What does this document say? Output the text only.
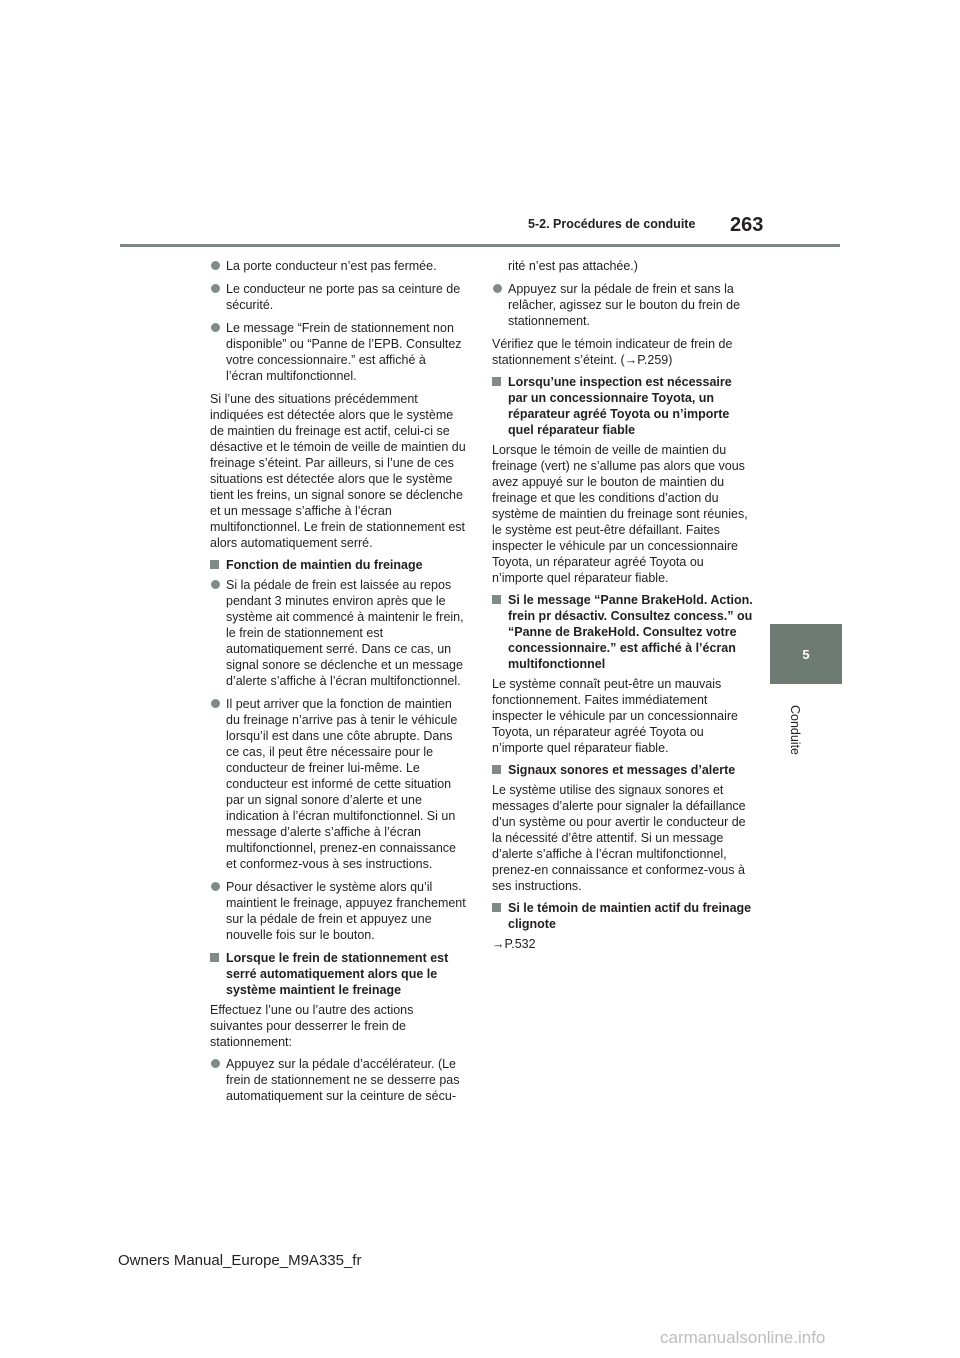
5-2. Procédures de conduite 263
5
Conduite

La porte conducteur n’est pas fermée.

Le conducteur ne porte pas sa ceinture de sécurité.

Le message “Frein de stationnement non disponible” ou “Panne de l’EPB. Consultez votre concessionnaire.” est affiché à l’écran multifonctionnel.

Si l’une des situations précédemment indiquées est détectée alors que le système de maintien du freinage est actif, celui-ci se désactive et le témoin de veille de maintien du freinage s’éteint. Par ailleurs, si l’une de ces situations est détectée alors que le système tient les freins, un signal sonore se déclenche et un message s’affiche à l’écran multifonctionnel. Le frein de stationnement est alors automatiquement serré.

Fonction de maintien du freinage

Si la pédale de frein est laissée au repos pendant 3 minutes environ après que le système ait commencé à maintenir le frein, le frein de stationnement est automatiquement serré. Dans ce cas, un signal sonore se déclenche et un message d’alerte s’affiche à l’écran multifonctionnel.

Il peut arriver que la fonction de maintien du freinage n’arrive pas à tenir le véhicule lorsqu’il est dans une côte abrupte. Dans ce cas, il peut être nécessaire pour le conducteur de freiner lui-même. Le conducteur est informé de cette situation par un signal sonore d’alerte et une indication à l’écran multifonctionnel. Si un message d’alerte s’affiche à l’écran multifonctionnel, prenez-en connaissance et conformez-vous à ses instructions.

Pour désactiver le système alors qu’il maintient le freinage, appuyez franchement sur la pédale de frein et appuyez une nouvelle fois sur le bouton.

Lorsque le frein de stationnement est serré automatiquement alors que le système maintient le freinage

Effectuez l’une ou l’autre des actions suivantes pour desserrer le frein de stationnement:

Appuyez sur la pédale d’accélérateur. (Le frein de stationnement ne se desserre pas automatiquement sur la ceinture de sécu-

rité n’est pas attachée.)

Appuyez sur la pédale de frein et sans la relâcher, agissez sur le bouton du frein de stationnement.

Vérifiez que le témoin indicateur de frein de stationnement s’éteint. (→P.259)

Lorsqu’une inspection est nécessaire par un concessionnaire Toyota, un réparateur agréé Toyota ou n’importe quel réparateur fiable

Lorsque le témoin de veille de maintien du freinage (vert) ne s’allume pas alors que vous avez appuyé sur le bouton de maintien du freinage et que les conditions d’action du système de maintien du freinage sont réunies, le système est peut-être défaillant. Faites inspecter le véhicule par un concessionnaire Toyota, un réparateur agréé Toyota ou n’importe quel réparateur fiable.

Si le message “Panne BrakeHold. Action. frein pr désactiv. Consultez concess.” ou “Panne de BrakeHold. Consultez votre concessionnaire.” est affiché à l’écran multifonctionnel

Le système connaît peut-être un mauvais fonctionnement. Faites immédiatement inspecter le véhicule par un concessionnaire Toyota, un réparateur agréé Toyota ou n’importe quel réparateur fiable.

Signaux sonores et messages d’alerte

Le système utilise des signaux sonores et messages d’alerte pour signaler la défaillance d’un système ou pour avertir le conducteur de la nécessité d’être attentif. Si un message d’alerte s’affiche à l’écran multifonctionnel, prenez-en connaissance et conformez-vous à ses instructions.

Si le témoin de maintien actif du freinage clignote

→P.532

Owners Manual_Europe_M9A335_fr
carmanualsonline.info
